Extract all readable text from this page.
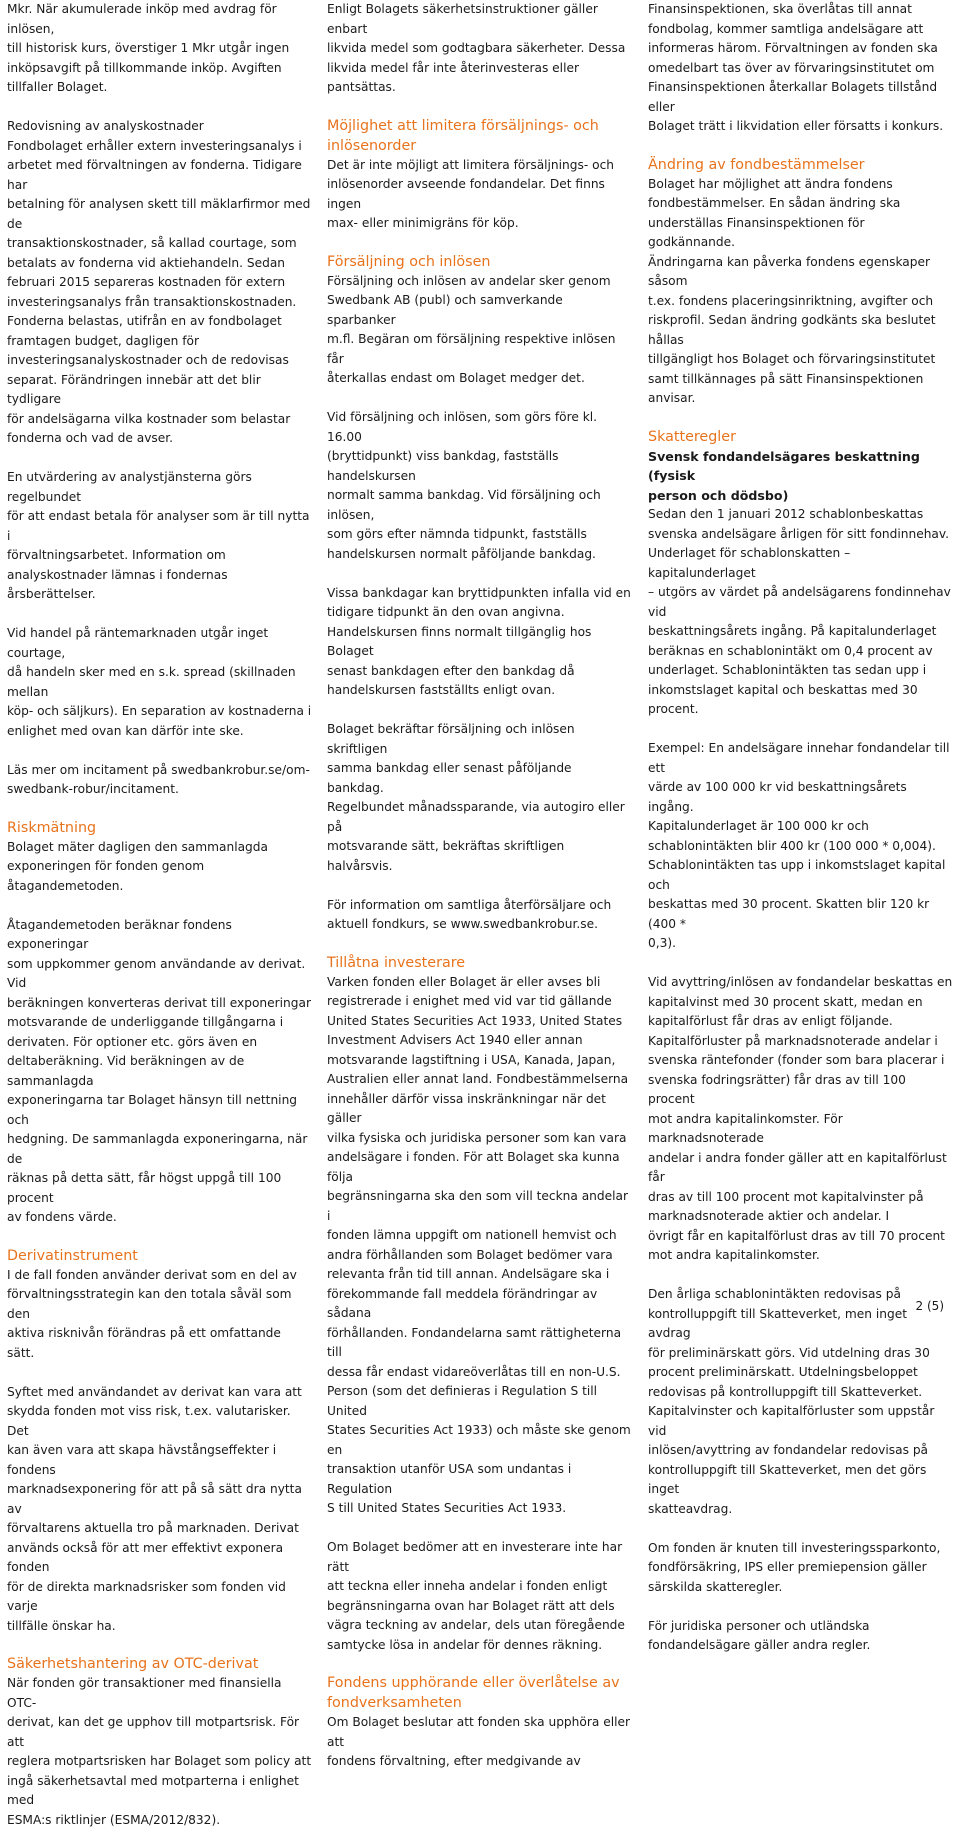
Mkr. När akumulerade inköp med avdrag för inlösen,
till historisk kurs, överstiger 1 Mkr utgår ingen
inköpsavgift på tillkommande inköp. Avgiften
tillfaller Bolaget.

Redovisning av analyskostnader

Fondbolaget erhåller extern investeringsanalys i
arbetet med förvaltningen av fonderna. Tidigare har
betalning för analysen skett till mäklarfirmor med de
transaktionskostnader, så kallad courtage, som
betalats av fonderna vid aktiehandeln. Sedan
februari 2015 separeras kostnaden för extern
investeringsanalys från transaktionskostnaden.
Fonderna belastas, utifrån en av fondbolaget
framtagen budget, dagligen för
investeringsanalyskostnader och de redovisas
separat. Förändringen innebär att det blir tydligare
för andelsägarna vilka kostnader som belastar
fonderna och vad de avser.

En utvärdering av analystjänsterna görs regelbundet
för att endast betala för analyser som är till nytta i
förvaltningsarbetet. Information om
analyskostnader lämnas i fondernas årsberättelser.

Vid handel på räntemarknaden utgår inget courtage,
då handeln sker med en s.k. spread (skillnaden mellan
köp- och säljkurs). En separation av kostnaderna i
enlighet med ovan kan därför inte ske.

Läs mer om incitament på swedbankrobur.se/om-
swedbank-robur/incitament.

Riskmätning

Bolaget mäter dagligen den sammanlagda
exponeringen för fonden genom åtagandemetoden.

Åtagandemetoden beräknar fondens exponeringar
som uppkommer genom användande av derivat. Vid
beräkningen konverteras derivat till exponeringar
motsvarande de underliggande tillgångarna i
derivaten. För optioner etc. görs även en
deltaberäkning. Vid beräkningen av de sammanlagda
exponeringarna tar Bolaget hänsyn till nettning och
hedgning. De sammanlagda exponeringarna, när de
räknas på detta sätt, får högst uppgå till 100 procent
av fondens värde.

Derivatinstrument

I de fall fonden använder derivat som en del av
förvaltningsstrategin kan den totala såväl som den
aktiva risknivån förändras på ett omfattande sätt.

Syftet med användandet av derivat kan vara att
skydda fonden mot viss risk, t.ex. valutarisker. Det
kan även vara att skapa hävstångseffekter i fondens
marknadsexponering för att på så sätt dra nytta av
förvaltarens aktuella tro på marknaden. Derivat
används också för att mer effektivt exponera fonden
för de direkta marknadsrisker som fonden vid varje
tillfälle önskar ha.

Säkerhetshantering av OTC-derivat

När fonden gör transaktioner med finansiella OTC-
derivat, kan det ge upphov till motpartsrisk. För att
reglera motpartsrisken har Bolaget som policy att
ingå säkerhetsavtal med motparterna i enlighet med
ESMA:s riktlinjer (ESMA/2012/832).

Enligt Bolagets säkerhetsinstruktioner gäller enbart
likvida medel som godtagbara säkerheter. Dessa
likvida medel får inte återinvesteras eller pantsättas.

Möjlighet att limitera försäljnings- och
inlösenorder

Det är inte möjligt att limitera försäljnings- och
inlösenorder avseende fondandelar. Det finns ingen
max- eller minimigräns för köp.

Försäljning och inlösen

Försäljning och inlösen av andelar sker genom
Swedbank AB (publ) och samverkande sparbanker
m.fl. Begäran om försäljning respektive inlösen får
återkallas endast om Bolaget medger det.

Vid försäljning och inlösen, som görs före kl. 16.00
(bryttidpunkt) viss bankdag, fastställs handelskursen
normalt samma bankdag. Vid försäljning och inlösen,
som görs efter nämnda tidpunkt, fastställs
handelskursen normalt påföljande bankdag.

Vissa bankdagar kan bryttidpunkten infalla vid en
tidigare tidpunkt än den ovan angivna.
Handelskursen finns normalt tillgänglig hos Bolaget
senast bankdagen efter den bankdag då
handelskursen fastställts enligt ovan.

Bolaget bekräftar försäljning och inlösen skriftligen
samma bankdag eller senast påföljande bankdag.
Regelbundet månadssparande, via autogiro eller på
motsvarande sätt, bekräftas skriftligen halvårsvis.

För information om samtliga återförsäljare och
aktuell fondkurs, se www.swedbankrobur.se.

Tillåtna investerare

Varken fonden eller Bolaget är eller avses bli
registrerade i enighet med vid var tid gällande
United States Securities Act 1933, United States
Investment Advisers Act 1940 eller annan
motsvarande lagstiftning i USA, Kanada, Japan,
Australien eller annat land. Fondbestämmelserna
innehåller därför vissa inskränkningar när det gäller
vilka fysiska och juridiska personer som kan vara
andelsägare i fonden. För att Bolaget ska kunna följa
begränsningarna ska den som vill teckna andelar i
fonden lämna uppgift om nationell hemvist och
andra förhållanden som Bolaget bedömer vara
relevanta från tid till annan. Andelsägare ska i
förekommande fall meddela förändringar av sådana
förhållanden. Fondandelarna samt rättigheterna till
dessa får endast vidareöverlåtas till en non-U.S.
Person (som det definieras i Regulation S till United
States Securities Act 1933) och måste ske genom en
transaktion utanför USA som undantas i Regulation
S till United States Securities Act 1933.

Om Bolaget bedömer att en investerare inte har rätt
att teckna eller inneha andelar i fonden enligt
begränsningarna ovan har Bolaget rätt att dels
vägra teckning av andelar, dels utan föregående
samtycke lösa in andelar för dennes räkning.

Fondens upphörande eller överlåtelse av
fondverksamheten

Om Bolaget beslutar att fonden ska upphöra eller att
fondens förvaltning, efter medgivande av

Finansinspektionen, ska överlåtas till annat
fondbolag, kommer samtliga andelsägare att
informeras härom. Förvaltningen av fonden ska
omedelbart tas över av förvaringsinstitutet om
Finansinspektionen återkallar Bolagets tillstånd eller
Bolaget trätt i likvidation eller försatts i konkurs.

Ändring av fondbestämmelser

Bolaget har möjlighet att ändra fondens
fondbestämmelser. En sådan ändring ska
underställas Finansinspektionen för godkännande.
Ändringarna kan påverka fondens egenskaper såsom
t.ex. fondens placeringsinriktning, avgifter och
riskprofil. Sedan ändring godkänts ska beslutet hållas
tillgängligt hos Bolaget och förvaringsinstitutet
samt tillkännages på sätt Finansinspektionen
anvisar.

Skatteregler

Svensk fondandelsägares beskattning (fysisk
person och dödsbo)

Sedan den 1 januari 2012 schablonbeskattas
svenska andelsägare årligen för sitt fondinnehav.
Underlaget för schablonskatten – kapitalunderlaget
– utgörs av värdet på andelsägarens fondinnehav vid
beskattningsårets ingång. På kapitalunderlaget
beräknas en schablonintäkt om 0,4 procent av
underlaget. Schablonintäkten tas sedan upp i
inkomstslaget kapital och beskattas med 30 procent.

Exempel: En andelsägare innehar fondandelar till ett
värde av 100 000 kr vid beskattningsårets ingång.
Kapitalunderlaget är 100 000 kr och
schablonintäkten blir 400 kr (100 000 * 0,004).
Schablonintäkten tas upp i inkomstslaget kapital och
beskattas med 30 procent. Skatten blir 120 kr (400 *
0,3).

Vid avyttring/inlösen av fondandelar beskattas en
kapitalvinst med 30 procent skatt, medan en
kapitalförlust får dras av enligt följande.
Kapitalförluster på marknadsnoterade andelar i
svenska räntefonder (fonder som bara placerar i
svenska fodringsrätter) får dras av till 100 procent
mot andra kapitalinkomster. För marknadsnoterade
andelar i andra fonder gäller att en kapitalförlust får
dras av till 100 procent mot kapitalvinster på
marknadsnoterade aktier och andelar. I
övrigt får en kapitalförlust dras av till 70 procent
mot andra kapitalinkomster.

Den årliga schablonintäkten redovisas på
kontrolluppgift till Skatteverket, men inget avdrag
för preliminärskatt görs. Vid utdelning dras 30
procent preliminärskatt. Utdelningsbeloppet
redovisas på kontrolluppgift till Skatteverket.
Kapitalvinster och kapitalförluster som uppstår vid
inlösen/avyttring av fondandelar redovisas på
kontrolluppgift till Skatteverket, men det görs inget
skatteavdrag.

Om fonden är knuten till investeringssparkonto,
fondförsäkring, IPS eller premiepension gäller
särskilda skatteregler.

För juridiska personer och utländska
fondandelsägare gäller andra regler.

2 (5)
